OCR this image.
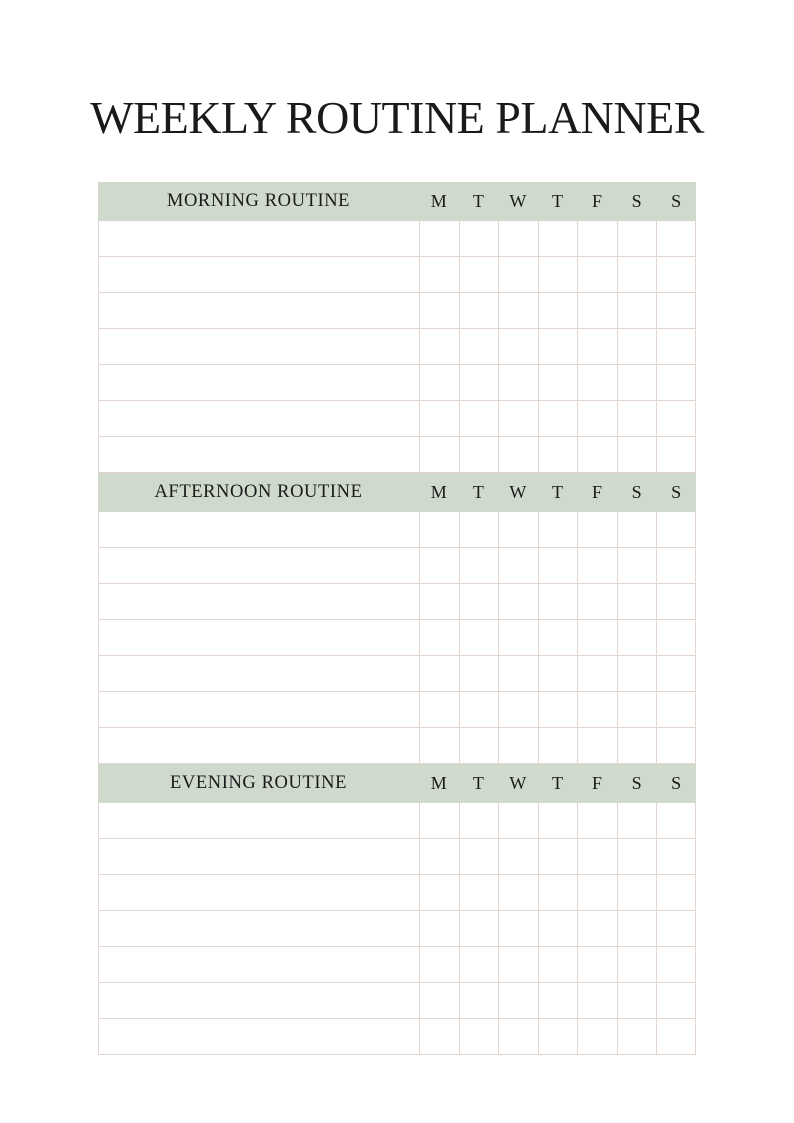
WEEKLY ROUTINE PLANNER
MORNING ROUTINE	M	T	W	T	F	S	S
AFTERNOON ROUTINE	M	T	W	T	F	S	S
EVENING ROUTINE	M	T	W	T	F	S	S
